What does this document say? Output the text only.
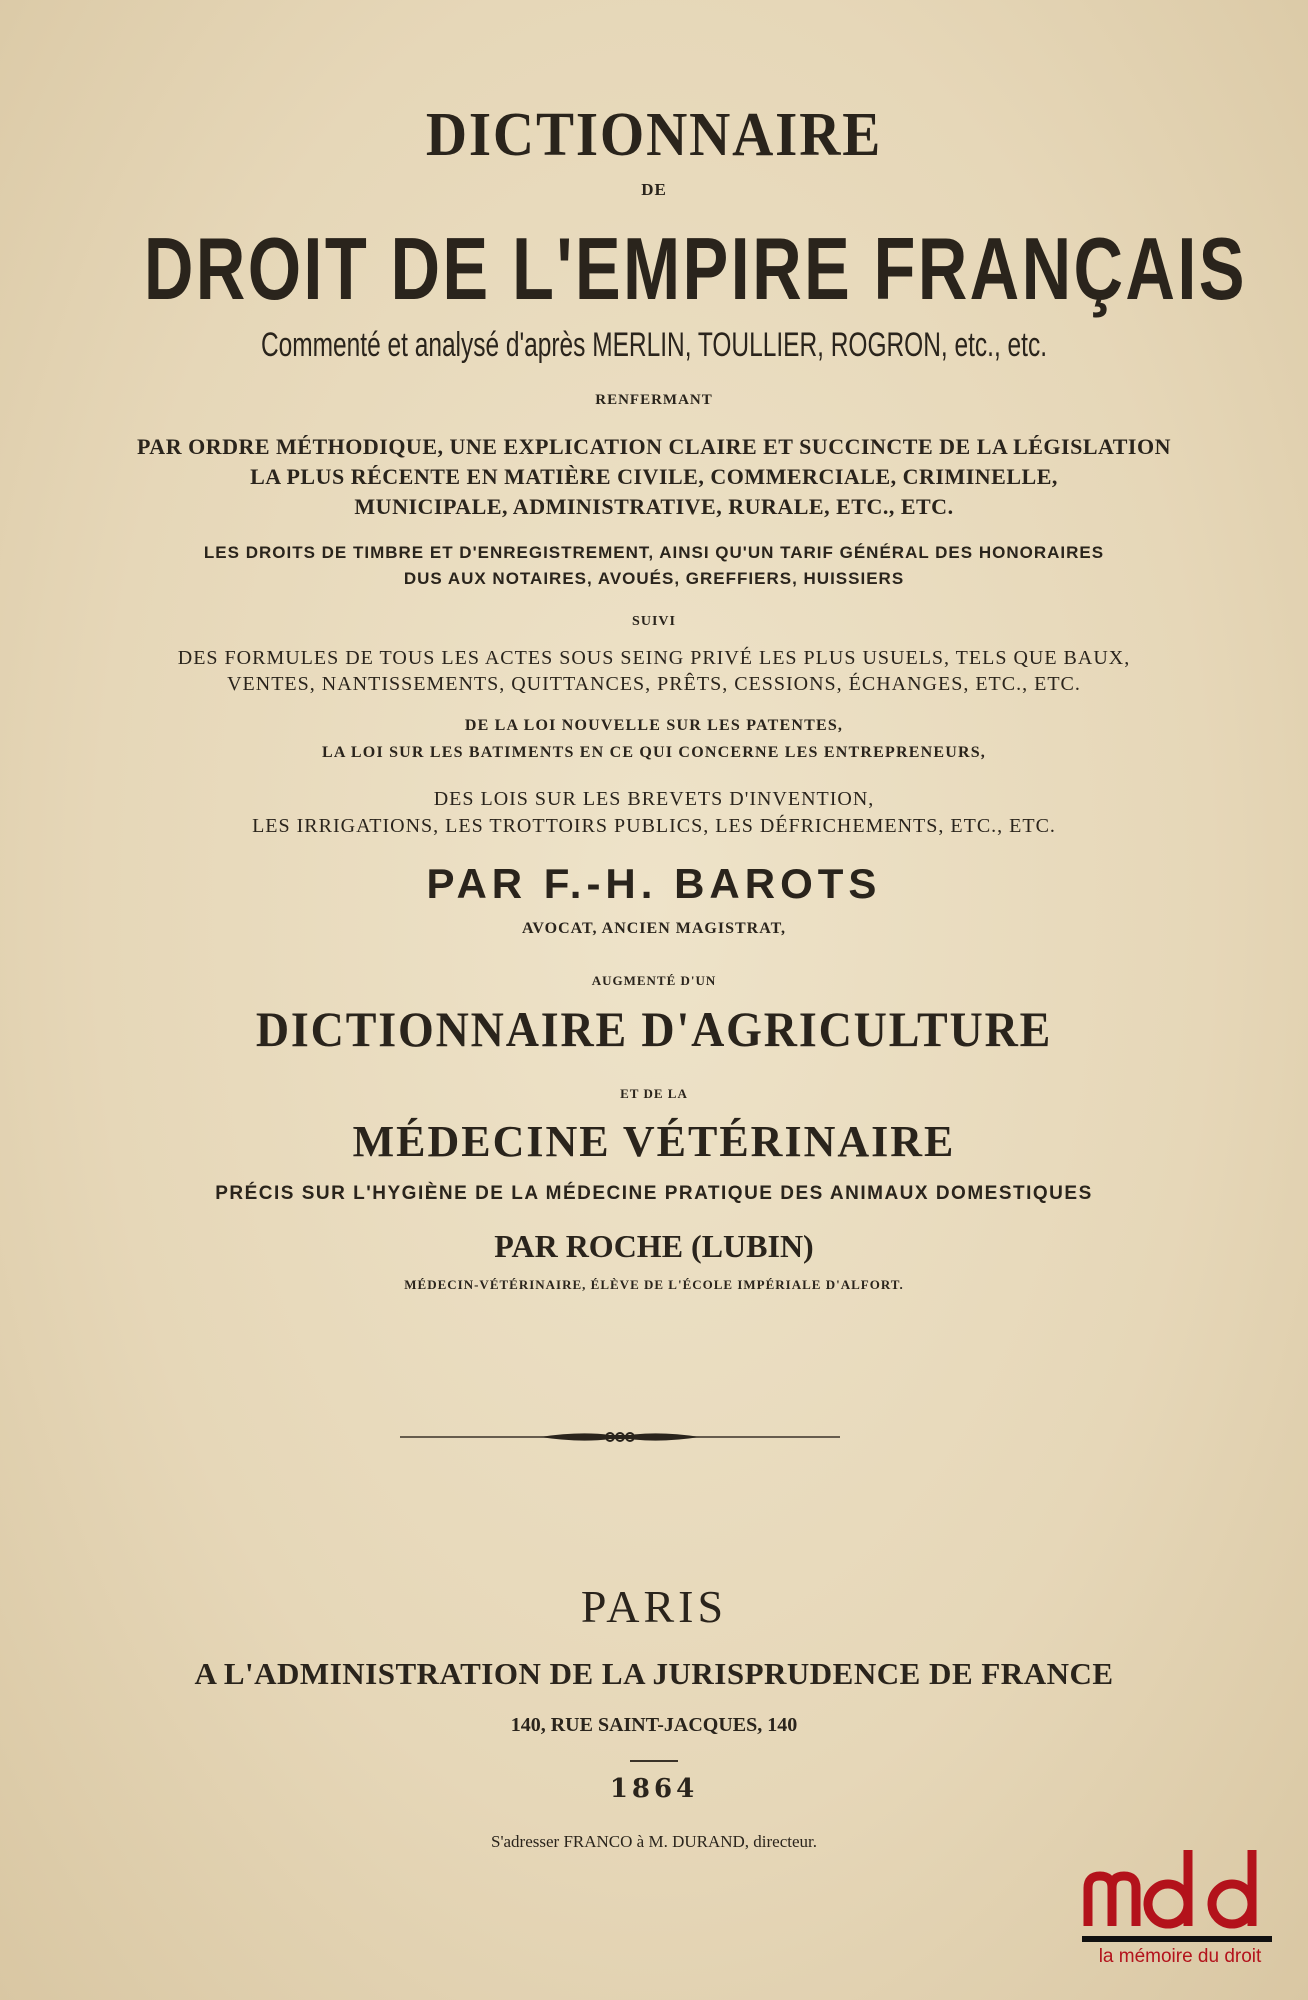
DICTIONNAIRE
DE
DROIT DE L'EMPIRE FRANÇAIS
Commenté et analysé d'après MERLIN, TOULLIER, ROGRON, etc., etc.
RENFERMANT
PAR ORDRE MÉTHODIQUE, UNE EXPLICATION CLAIRE ET SUCCINCTE DE LA LÉGISLATION
LA PLUS RÉCENTE EN MATIÈRE CIVILE, COMMERCIALE, CRIMINELLE,
MUNICIPALE, ADMINISTRATIVE, RURALE, ETC., ETC.
LES DROITS DE TIMBRE ET D'ENREGISTREMENT, AINSI QU'UN TARIF GÉNÉRAL DES HONORAIRES
DUS AUX NOTAIRES, AVOUÉS, GREFFIERS, HUISSIERS
SUIVI
DES FORMULES DE TOUS LES ACTES SOUS SEING PRIVÉ LES PLUS USUELS, TELS QUE BAUX,
VENTES, NANTISSEMENTS, QUITTANCES, PRÊTS, CESSIONS, ÉCHANGES, ETC., ETC.
DE LA LOI NOUVELLE SUR LES PATENTES,
LA LOI SUR LES BATIMENTS EN CE QUI CONCERNE LES ENTREPRENEURS,
DES LOIS SUR LES BREVETS D'INVENTION,
LES IRRIGATIONS, LES TROTTOIRS PUBLICS, LES DÉFRICHEMENTS, ETC., ETC.
PAR F.-H. BAROTS
AVOCAT, ANCIEN MAGISTRAT,
AUGMENTÉ D'UN
DICTIONNAIRE D'AGRICULTURE
ET DE LA
MÉDECINE VÉTÉRINAIRE
PRÉCIS SUR L'HYGIÈNE DE LA MÉDECINE PRATIQUE DES ANIMAUX DOMESTIQUES
PAR ROCHE (LUBIN)
MÉDECIN-VÉTÉRINAIRE, ÉLÈVE DE L'ÉCOLE IMPÉRIALE D'ALFORT.
PARIS
A L'ADMINISTRATION DE LA JURISPRUDENCE DE FRANCE
140, RUE SAINT-JACQUES, 140
1864
S'adresser FRANCO à M. DURAND, directeur.
la mémoire du droit
